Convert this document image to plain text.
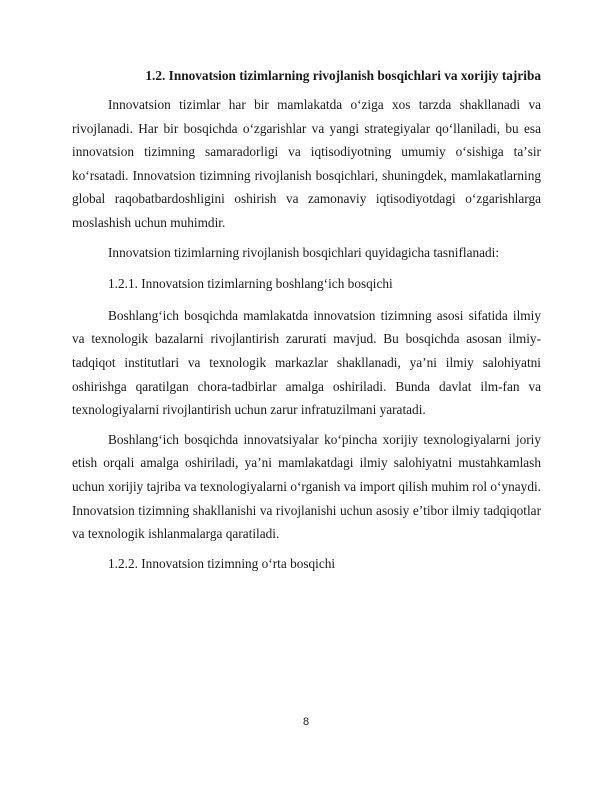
1.2. Innovatsion tizimlarning rivojlanish bosqichlari va xorijiy tajriba

Innovatsion tizimlar har bir mamlakatda oʻziga xos tarzda shakllanadi va rivojlanadi. Har bir bosqichda oʻzgarishlar va yangi strategiyalar qoʻllaniladi, bu esa innovatsion tizimning samaradorligi va iqtisodiyotning umumiy oʻsishiga taʼsir koʻrsatadi. Innovatsion tizimning rivojlanish bosqichlari, shuningdek, mamlakatlarning global raqobatbardoshligini oshirish va zamonaviy iqtisodiyotdagi oʻzgarishlarga moslashish uchun muhimdir.

Innovatsion tizimlarning rivojlanish bosqichlari quyidagicha tasniflanadi:

1.2.1. Innovatsion tizimlarning boshlangʻich bosqichi

Boshlangʻich bosqichda mamlakatda innovatsion tizimning asosi sifatida ilmiy va texnologik bazalarni rivojlantirish zarurati mavjud. Bu bosqichda asosan ilmiy-tadqiqot institutlari va texnologik markazlar shakllanadi, yaʼni ilmiy salohiyatni oshirishga qaratilgan chora-tadbirlar amalga oshiriladi. Bunda davlat ilm-fan va texnologiyalarni rivojlantirish uchun zarur infratuzilmani yaratadi.

Boshlangʻich bosqichda innovatsiyalar koʻpincha xorijiy texnologiyalarni joriy etish orqali amalga oshiriladi, yaʼni mamlakatdagi ilmiy salohiyatni mustahkamlash uchun xorijiy tajriba va texnologiyalarni oʻrganish va import qilish muhim rol oʻynaydi. Innovatsion tizimning shakllanishi va rivojlanishi uchun asosiy eʼtibor ilmiy tadqiqotlar va texnologik ishlanmalarga qaratiladi.

1.2.2. Innovatsion tizimning oʻrta bosqichi

8
